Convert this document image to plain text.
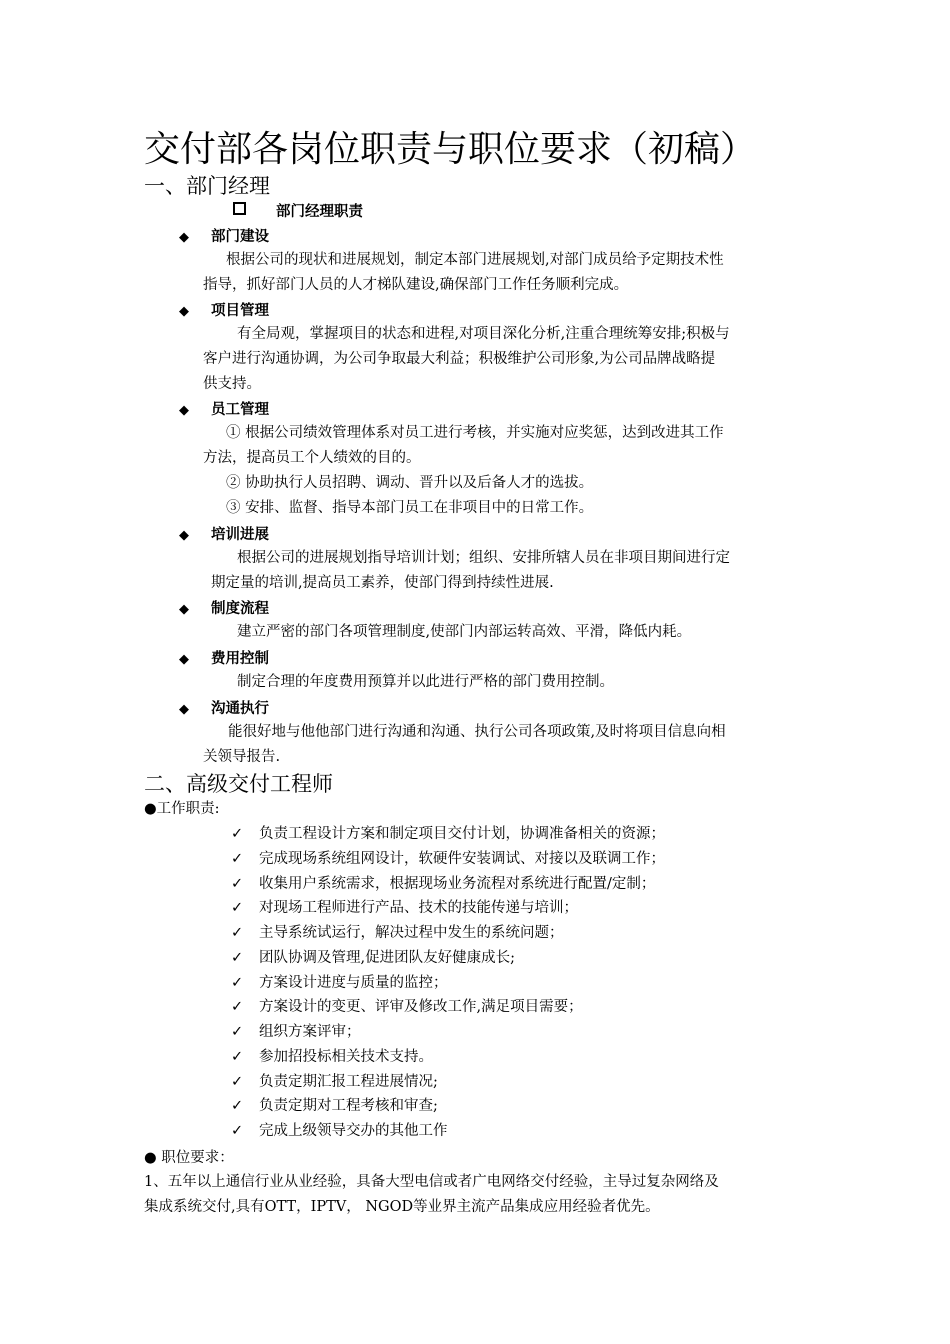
交付部各岗位职责与职位要求（初稿）
一、部门经理
部门经理职责
◆ 部门建设
根据公司的现状和进展规划，制定本部门进展规划,对部门成员给予定期技术性
指导，抓好部门人员的人才梯队建设,确保部门工作任务顺利完成。
◆ 项目管理
有全局观，掌握项目的状态和进程,对项目深化分析,注重合理统筹安排;积极与
客户进行沟通协调，为公司争取最大利益；积极维护公司形象,为公司品牌战略提
供支持。
◆ 员工管理
① 根据公司绩效管理体系对员工进行考核，并实施对应奖惩，达到改进其工作
方法，提高员工个人绩效的目的。
② 协助执行人员招聘、调动、晋升以及后备人才的选拔。
③ 安排、监督、指导本部门员工在非项目中的日常工作。
◆ 培训进展
根据公司的进展规划指导培训计划；组织、安排所辖人员在非项目期间进行定
期定量的培训,提高员工素养，使部门得到持续性进展.
◆ 制度流程
建立严密的部门各项管理制度,使部门内部运转高效、平滑，降低内耗。
◆ 费用控制
制定合理的年度费用预算并以此进行严格的部门费用控制。
◆ 沟通执行
能很好地与他他部门进行沟通和沟通、执行公司各项政策,及时将项目信息向相
关领导报告.
二、高级交付工程师
●工作职责:
✓ 负责工程设计方案和制定项目交付计划，协调准备相关的资源；
✓ 完成现场系统组网设计，软硬件安装调试、对接以及联调工作；
✓ 收集用户系统需求，根据现场业务流程对系统进行配置/定制；
✓ 对现场工程师进行产品、技术的技能传递与培训；
✓ 主导系统试运行，解决过程中发生的系统问题；
✓ 团队协调及管理,促进团队友好健康成长;
✓ 方案设计进度与质量的监控；
✓ 方案设计的变更、评审及修改工作,满足项目需要；
✓ 组织方案评审；
✓ 参加招投标相关技术支持。
✓ 负责定期汇报工程进展情况;
✓ 负责定期对工程考核和审查;
✓ 完成上级领导交办的其他工作
● 职位要求：
1、五年以上通信行业从业经验，具备大型电信或者广电网络交付经验，主导过复杂网络及
集成系统交付,具有OTT，IPTV， NGOD等业界主流产品集成应用经验者优先。
